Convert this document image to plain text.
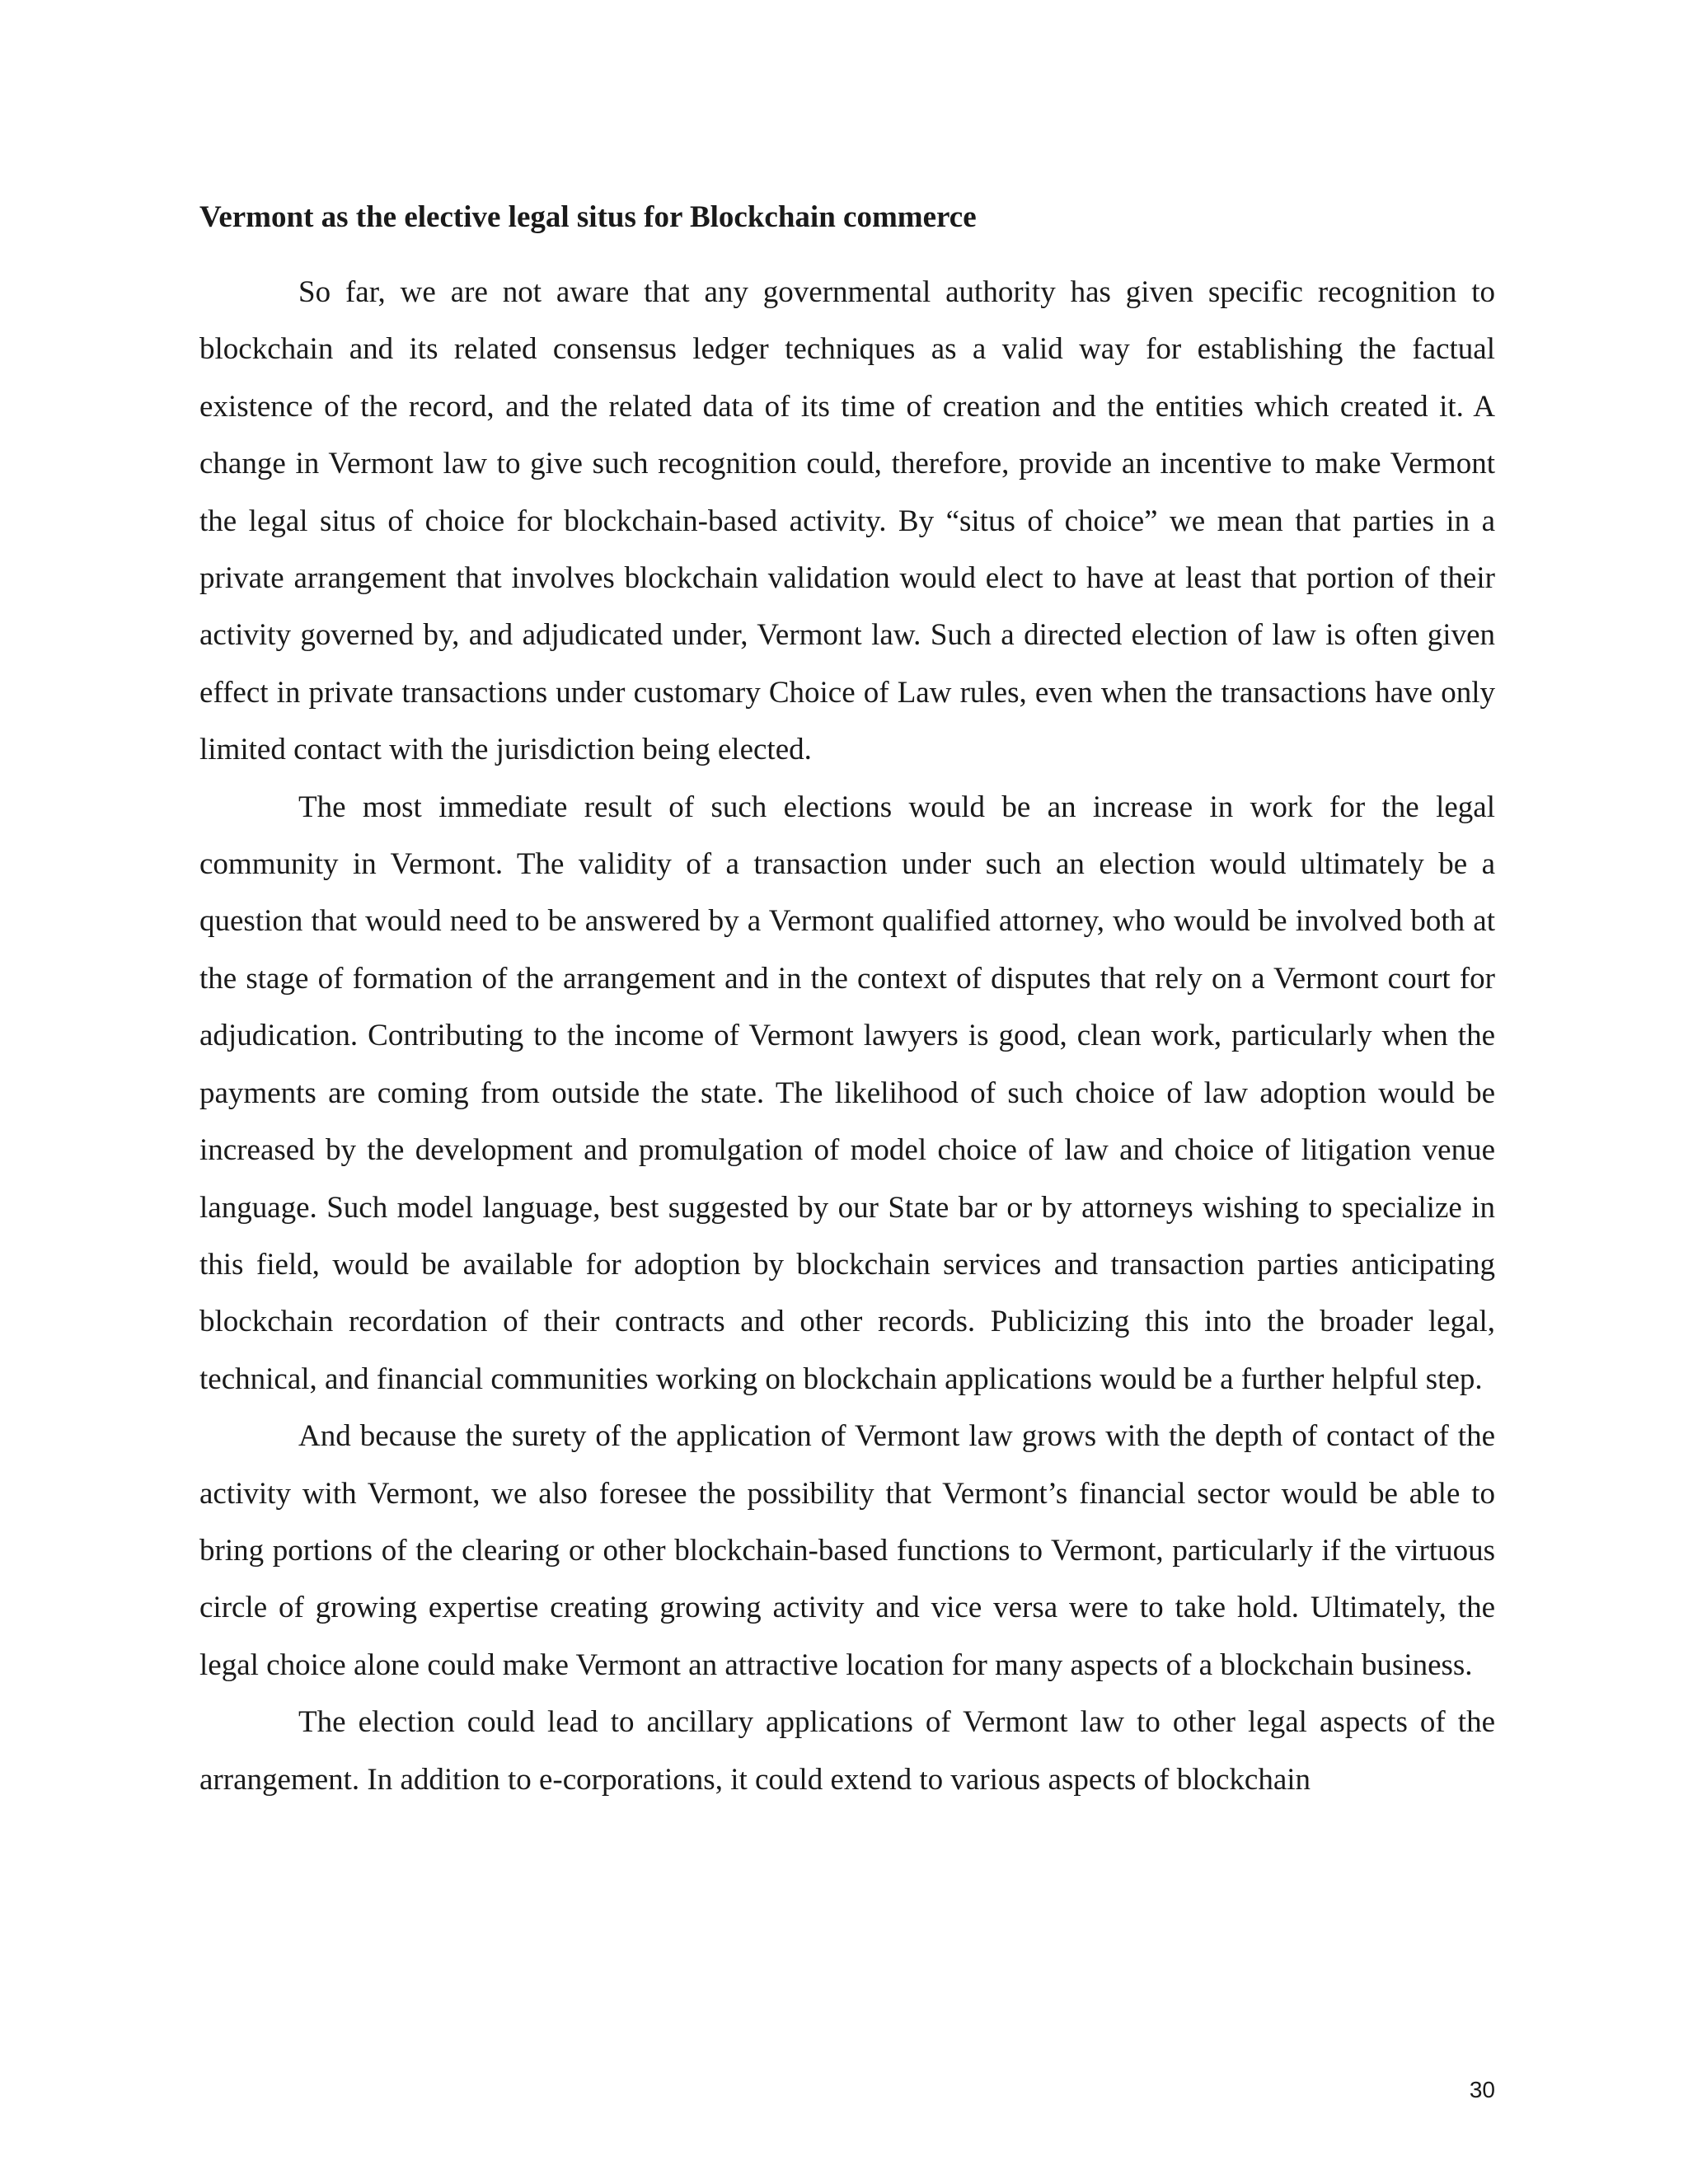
Vermont as the elective legal situs for Blockchain commerce

So far, we are not aware that any governmental authority has given specific recognition to blockchain and its related consensus ledger techniques as a valid way for establishing the factual existence of the record, and the related data of its time of creation and the entities which created it. A change in Vermont law to give such recognition could, therefore, provide an incentive to make Vermont the legal situs of choice for blockchain-based activity. By “situs of choice” we mean that parties in a private arrangement that involves blockchain validation would elect to have at least that portion of their activity governed by, and adjudicated under, Vermont law. Such a directed election of law is often given effect in private transactions under customary Choice of Law rules, even when the transactions have only limited contact with the jurisdiction being elected.

The most immediate result of such elections would be an increase in work for the legal community in Vermont. The validity of a transaction under such an election would ultimately be a question that would need to be answered by a Vermont qualified attorney, who would be involved both at the stage of formation of the arrangement and in the context of disputes that rely on a Vermont court for adjudication. Contributing to the income of Vermont lawyers is good, clean work, particularly when the payments are coming from outside the state. The likelihood of such choice of law adoption would be increased by the development and promulgation of model choice of law and choice of litigation venue language. Such model language, best suggested by our State bar or by attorneys wishing to specialize in this field, would be available for adoption by blockchain services and transaction parties anticipating blockchain recordation of their contracts and other records. Publicizing this into the broader legal, technical, and financial communities working on blockchain applications would be a further helpful step.

And because the surety of the application of Vermont law grows with the depth of contact of the activity with Vermont, we also foresee the possibility that Vermont’s financial sector would be able to bring portions of the clearing or other blockchain-based functions to Vermont, particularly if the virtuous circle of growing expertise creating growing activity and vice versa were to take hold. Ultimately, the legal choice alone could make Vermont an attractive location for many aspects of a blockchain business.

The election could lead to ancillary applications of Vermont law to other legal aspects of the arrangement. In addition to e-corporations, it could extend to various aspects of blockchain

30
